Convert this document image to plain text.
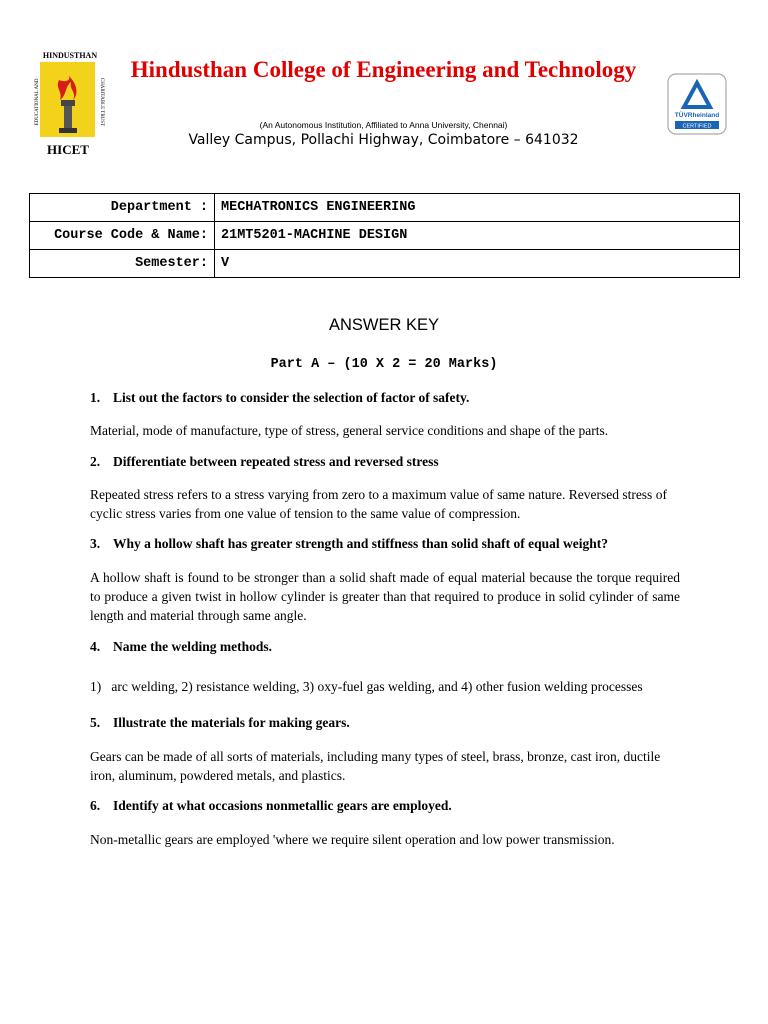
HINDUSTHAN
EDUCATIONAL AND	CHARITABLE TRUST
HICET
Hindusthan College of Engineering and Technology
(An Autonomous Institution, Affiliated to Anna University, Chennai)
Valley Campus, Pollachi Highway, Coimbatore – 641032
TÜVRheinland
CERTIFIED
Department :	MECHATRONICS ENGINEERING
Course Code & Name:	21MT5201-MACHINE DESIGN
Semester:	V
ANSWER KEY
Part A – (10 X 2 = 20 Marks)
1. List out the factors to consider the selection of factor of safety.
Material, mode of manufacture, type of stress, general service conditions and shape of the parts.
2. Differentiate between repeated stress and reversed stress
Repeated stress refers to a stress varying from zero to a maximum value of same nature. Reversed stress of cyclic stress varies from one value of tension to the same value of compression.
3. Why a hollow shaft has greater strength and stiffness than solid shaft of equal weight?
A hollow shaft is found to be stronger than a solid shaft made of equal material because the torque required to produce a given twist in hollow cylinder is greater than that required to produce in solid cylinder of same length and material through same angle.
4. Name the welding methods.
1)   arc welding, 2) resistance welding, 3) oxy-fuel gas welding, and 4) other fusion welding processes
5. Illustrate the materials for making gears.
Gears can be made of all sorts of materials, including many types of steel, brass, bronze, cast iron, ductile iron, aluminum, powdered metals, and plastics.
6. Identify at what occasions nonmetallic gears are employed.
Non-metallic gears are employed 'where we require silent operation and low power transmission.
